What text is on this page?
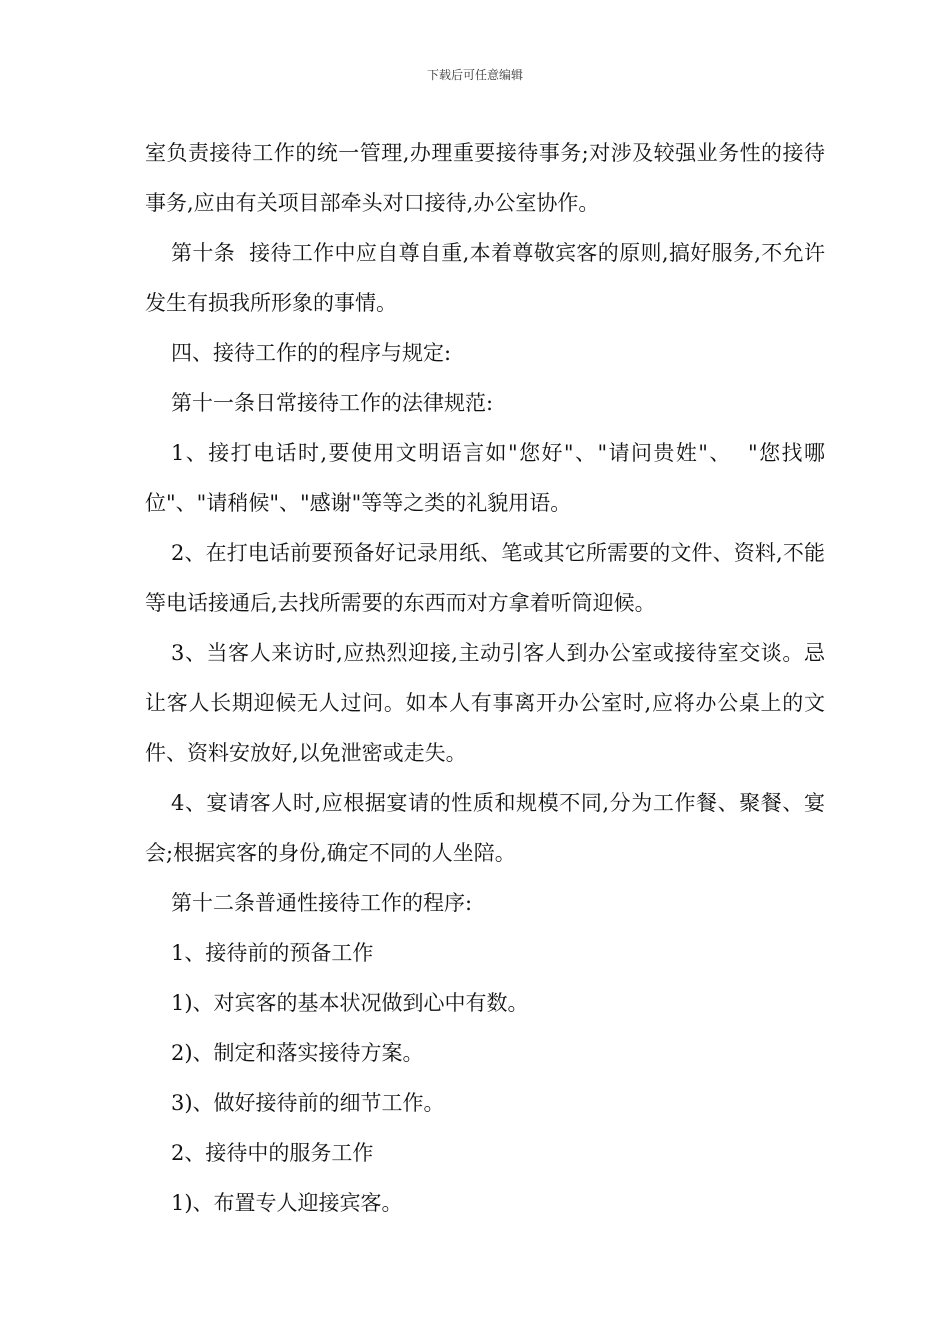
下载后可任意编辑

室负责接待工作的统一管理,办理重要接待事务;对涉及较强业务性的接待事务,应由有关项目部牵头对口接待,办公室协作。

第十条  接待工作中应自尊自重,本着尊敬宾客的原则,搞好服务,不允许发生有损我所形象的事情。

四、接待工作的的程序与规定:

第十一条日常接待工作的法律规范:

1、接打电话时,要使用文明语言如"您好"、"请问贵姓"、  "您找哪位"、"请稍候"、"感谢"等等之类的礼貌用语。

2、在打电话前要预备好记录用纸、笔或其它所需要的文件、资料,不能等电话接通后,去找所需要的东西而对方拿着听筒迎候。

3、当客人来访时,应热烈迎接,主动引客人到办公室或接待室交谈。忌让客人长期迎候无人过问。如本人有事离开办公室时,应将办公桌上的文件、资料安放好,以免泄密或走失。

4、宴请客人时,应根据宴请的性质和规模不同,分为工作餐、聚餐、宴会;根据宾客的身份,确定不同的人坐陪。

第十二条普通性接待工作的程序:

1、接待前的预备工作

1)、对宾客的基本状况做到心中有数。

2)、制定和落实接待方案。

3)、做好接待前的细节工作。

2、接待中的服务工作

1)、布置专人迎接宾客。
